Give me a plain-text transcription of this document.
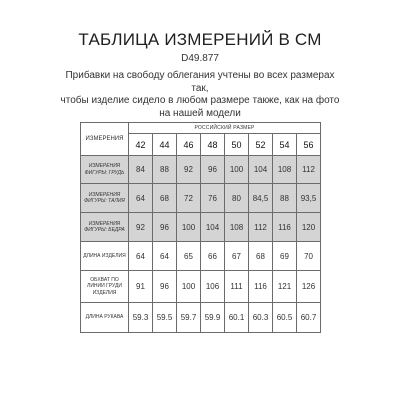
ТАБЛИЦА ИЗМЕРЕНИЙ В СМ
D49.877
Прибавки на свободу облегания учтены во всех размерах так,
чтобы изделие сидело в любом размере также, как на фото
на нашей модели
ИЗМЕРЕНИЯ	РОССИЙСКИЙ РАЗМЕР							
	42	44	46	48	50	52	54	56
ИЗМЕРЕНИЯ ФИГУРЫ: ГРУДЬ	84	88	92	96	100	104	108	112
ИЗМЕРЕНИЯ ФИГУРЫ: ТАЛИЯ	64	68	72	76	80	84,5	88	93,5
ИЗМЕРЕНИЯ ФИГУРЫ: БЕДРА	92	96	100	104	108	112	116	120
ДЛИНА ИЗДЕЛИЯ	64	64	65	66	67	68	69	70
ОБХВАТ ПО ЛИНИИ ГРУДИ ИЗДЕЛИЯ	91	96	100	106	111	116	121	126
ДЛИНА РУКАВА	59.3	59.5	59.7	59.9	60.1	60.3	60.5	60.7
